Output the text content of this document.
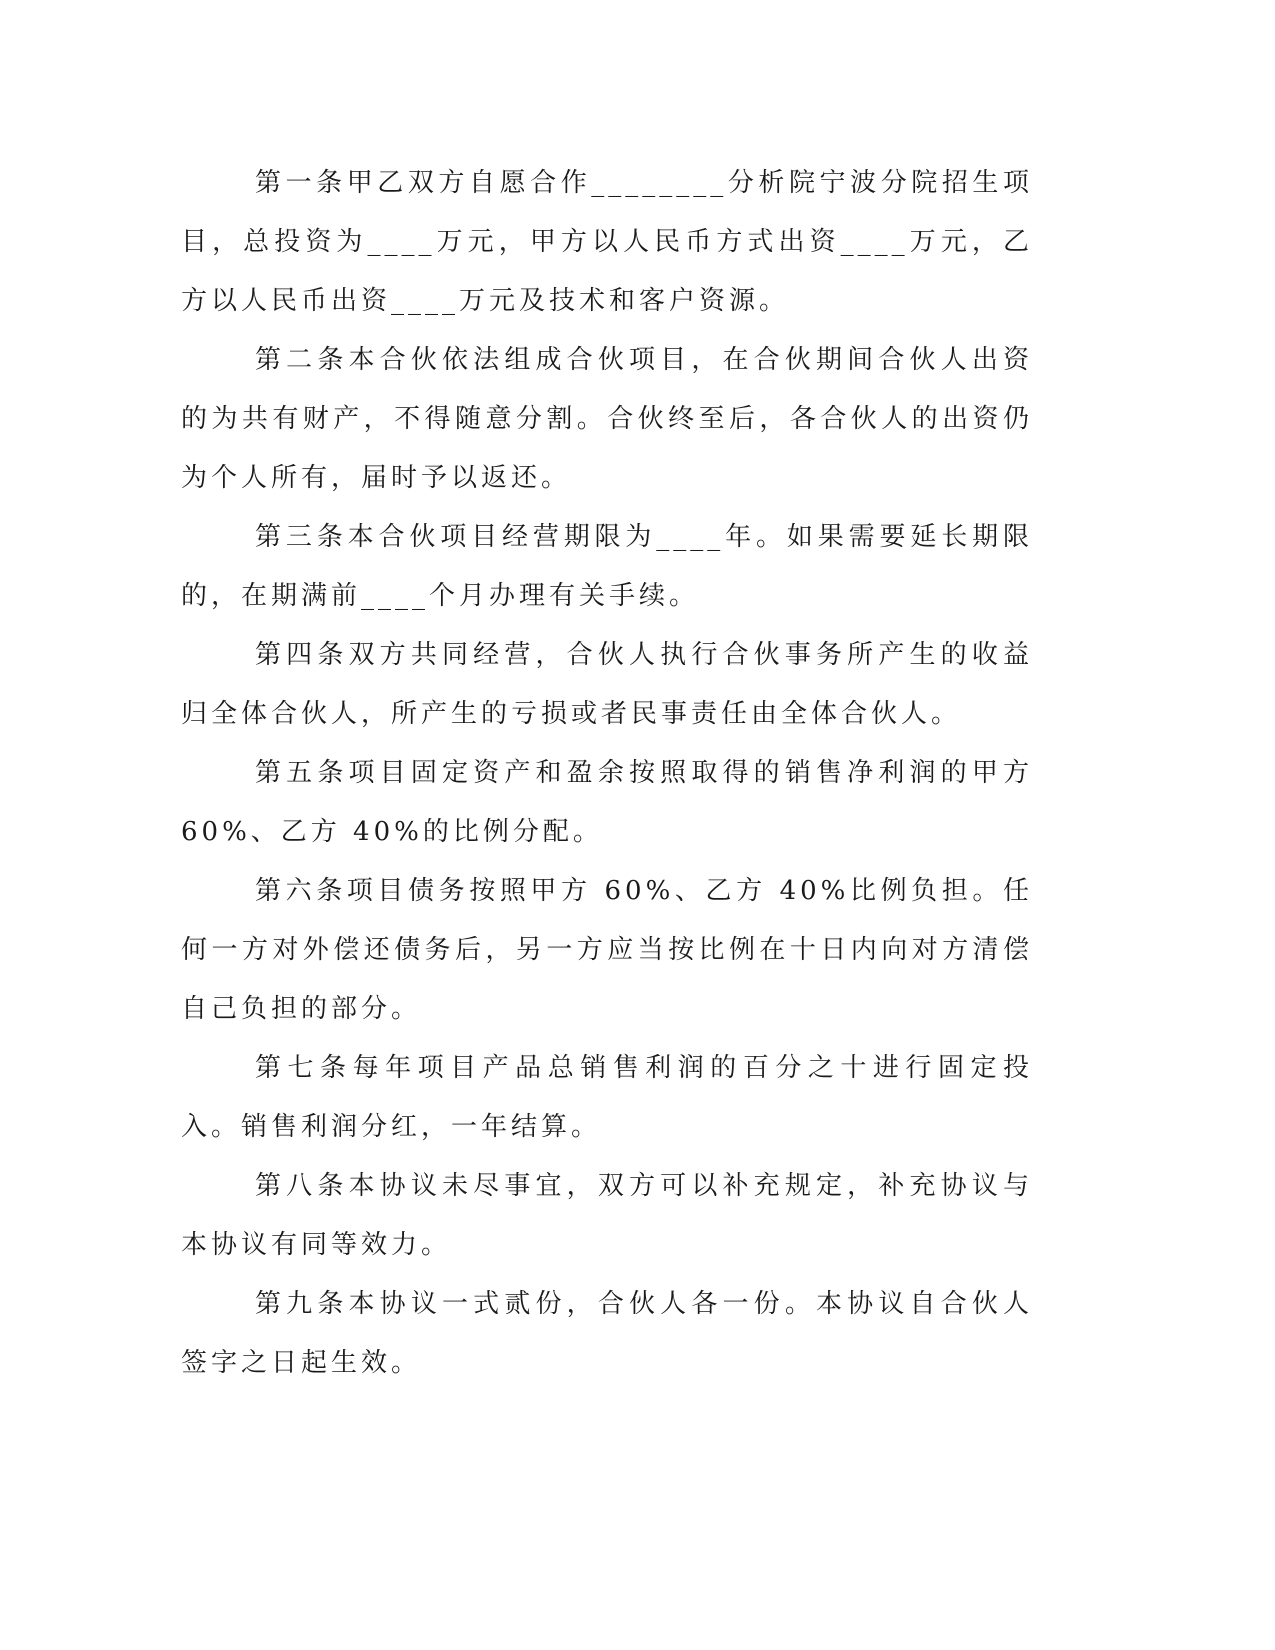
第一条甲乙双方自愿合作________分析院宁波分院招生项目，总投资为____万元，甲方以人民币方式出资____万元，乙方以人民币出资____万元及技术和客户资源。

第二条本合伙依法组成合伙项目，在合伙期间合伙人出资的为共有财产，不得随意分割。合伙终至后，各合伙人的出资仍为个人所有，届时予以返还。

第三条本合伙项目经营期限为____年。如果需要延长期限的，在期满前____个月办理有关手续。

第四条双方共同经营，合伙人执行合伙事务所产生的收益归全体合伙人，所产生的亏损或者民事责任由全体合伙人。

第五条项目固定资产和盈余按照取得的销售净利润的甲方 60%、乙方 40%的比例分配。

第六条项目债务按照甲方 60%、乙方 40%比例负担。任何一方对外偿还债务后，另一方应当按比例在十日内向对方清偿自己负担的部分。

第七条每年项目产品总销售利润的百分之十进行固定投入。销售利润分红，一年结算。

第八条本协议未尽事宜，双方可以补充规定，补充协议与本协议有同等效力。

第九条本协议一式贰份，合伙人各一份。本协议自合伙人签字之日起生效。
